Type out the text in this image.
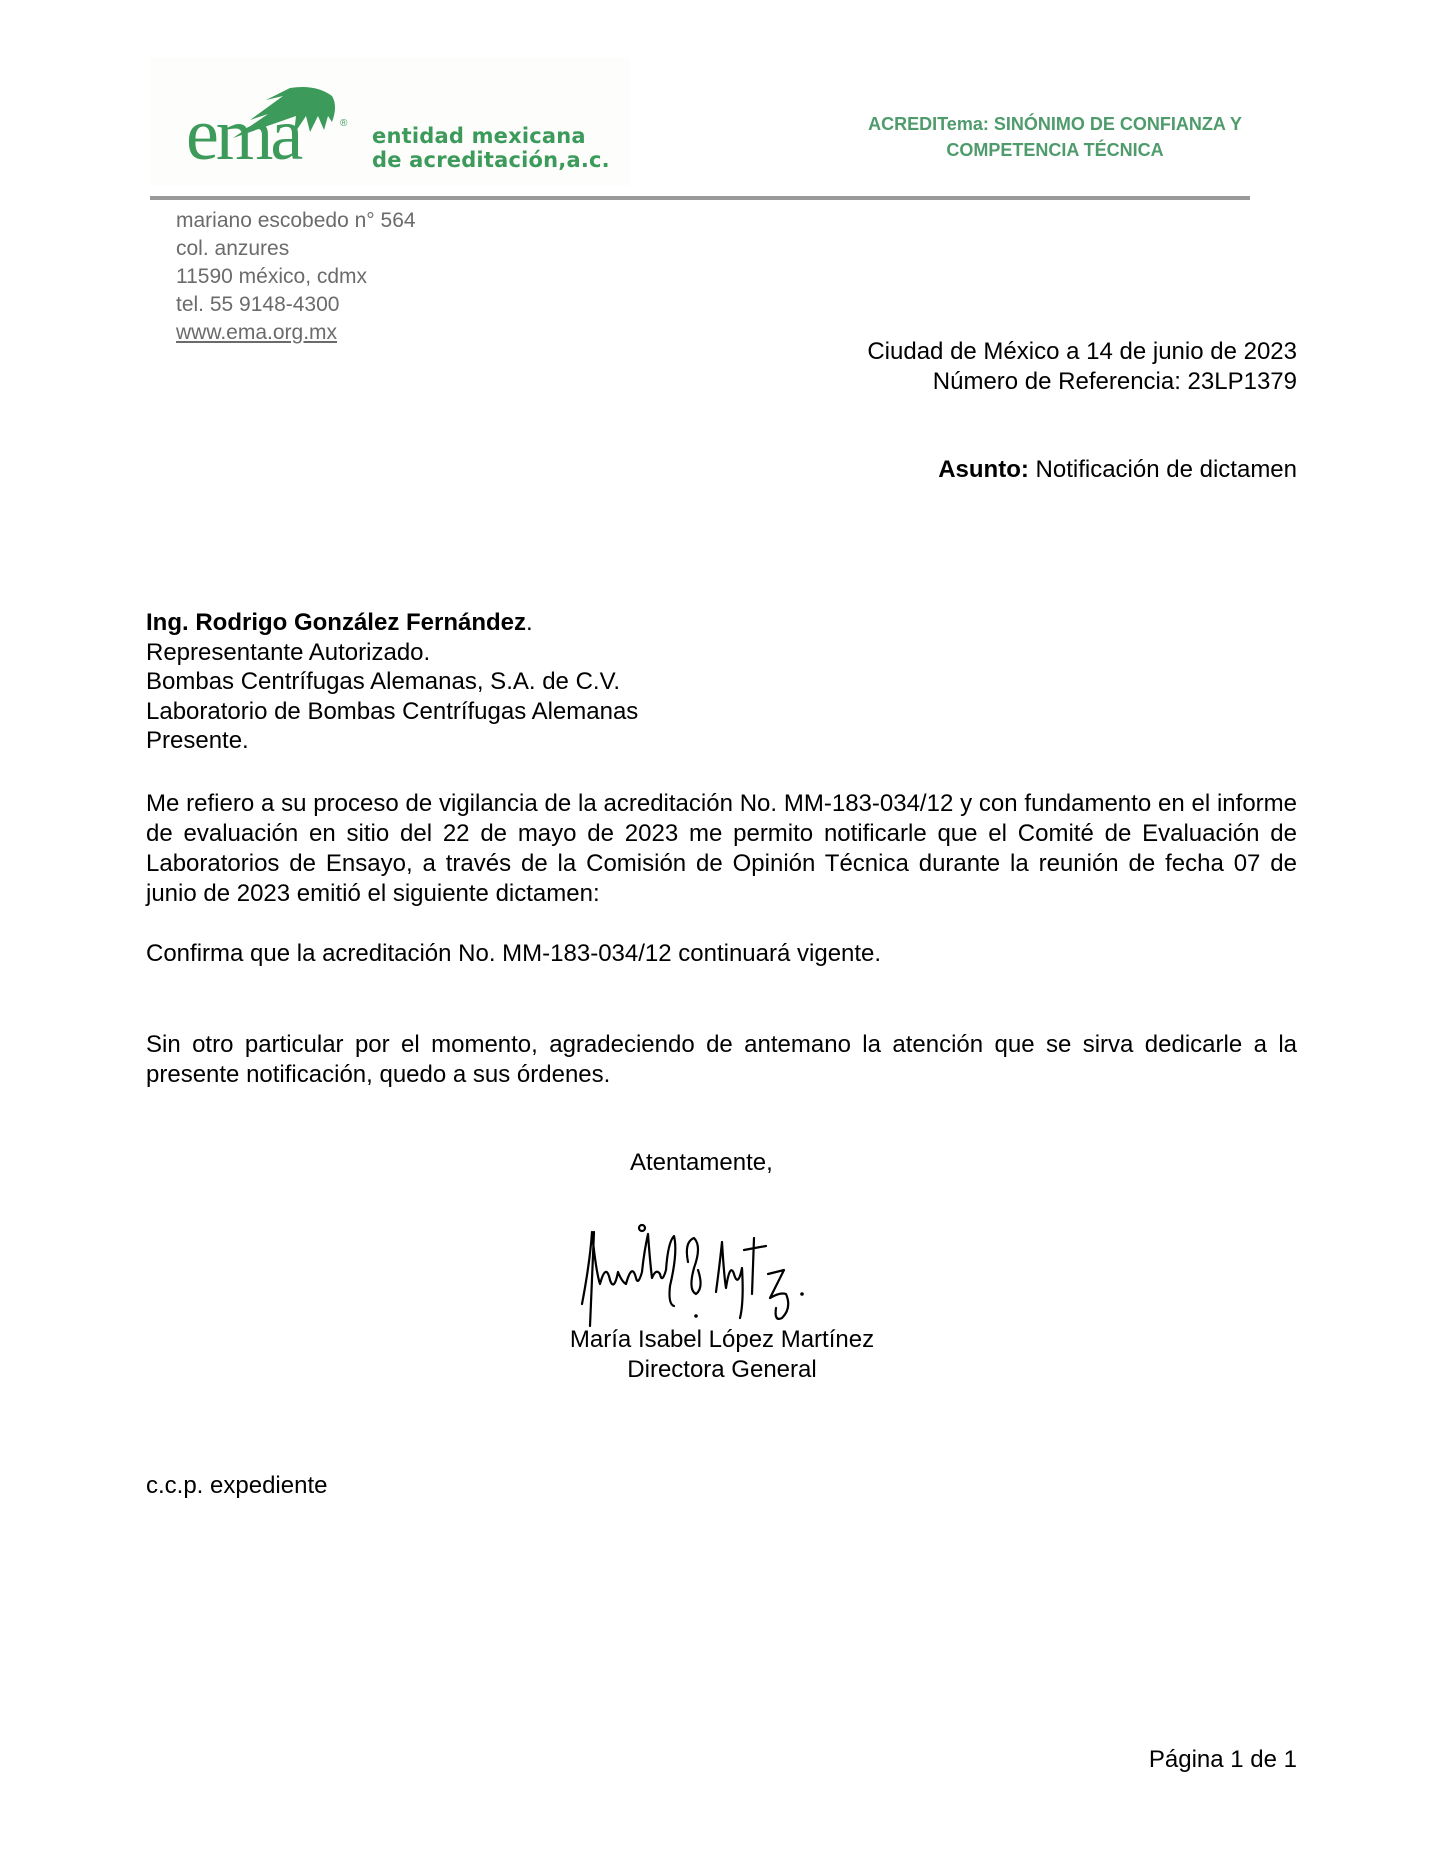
ema	®
entidad mexicana
de acreditación,a.c.
ACREDITema: SINÓNIMO DE CONFIANZA Y
COMPETENCIA TÉCNICA
mariano escobedo n° 564
col. anzures
11590 méxico, cdmx
tel. 55 9148-4300
www.ema.org.mx
Ciudad de México a 14 de junio de 2023
Número de Referencia: 23LP1379
Asunto: Notificación de dictamen
Ing. Rodrigo González Fernández.
Representante Autorizado.
Bombas Centrífugas Alemanas, S.A. de C.V.
Laboratorio de Bombas Centrífugas Alemanas
Presente.
Me refiero a su proceso de vigilancia de la acreditación No. MM-183-034/12 y con fundamento en el informe de evaluación en sitio del 22 de mayo de 2023 me permito notificarle que el Comité de Evaluación de Laboratorios de Ensayo, a través de la Comisión de Opinión Técnica durante la reunión de fecha 07 de junio de 2023 emitió el siguiente dictamen:
Confirma que la acreditación No. MM-183-034/12 continuará vigente.
Sin otro particular por el momento, agradeciendo de antemano la atención que se sirva dedicarle a la presente notificación, quedo a sus órdenes.
Atentamente,
María Isabel López Martínez
Directora General
c.c.p. expediente
Página 1 de 1
